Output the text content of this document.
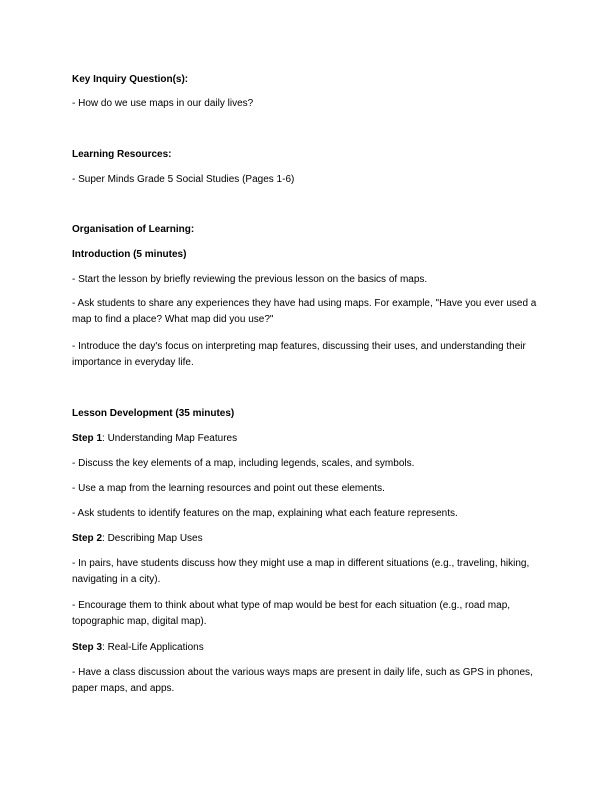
Key Inquiry Question(s):
- How do we use maps in our daily lives?
Learning Resources:
- Super Minds Grade 5 Social Studies (Pages 1-6)
Organisation of Learning:
Introduction (5 minutes)
- Start the lesson by briefly reviewing the previous lesson on the basics of maps.
- Ask students to share any experiences they have had using maps. For example, "Have you ever used a map to find a place? What map did you use?"
- Introduce the day's focus on interpreting map features, discussing their uses, and understanding their importance in everyday life.
Lesson Development (35 minutes)
Step 1: Understanding Map Features
- Discuss the key elements of a map, including legends, scales, and symbols.
- Use a map from the learning resources and point out these elements.
- Ask students to identify features on the map, explaining what each feature represents.
Step 2: Describing Map Uses
- In pairs, have students discuss how they might use a map in different situations (e.g., traveling, hiking, navigating in a city).
- Encourage them to think about what type of map would be best for each situation (e.g., road map, topographic map, digital map).
Step 3: Real-Life Applications
- Have a class discussion about the various ways maps are present in daily life, such as GPS in phones, paper maps, and apps.
